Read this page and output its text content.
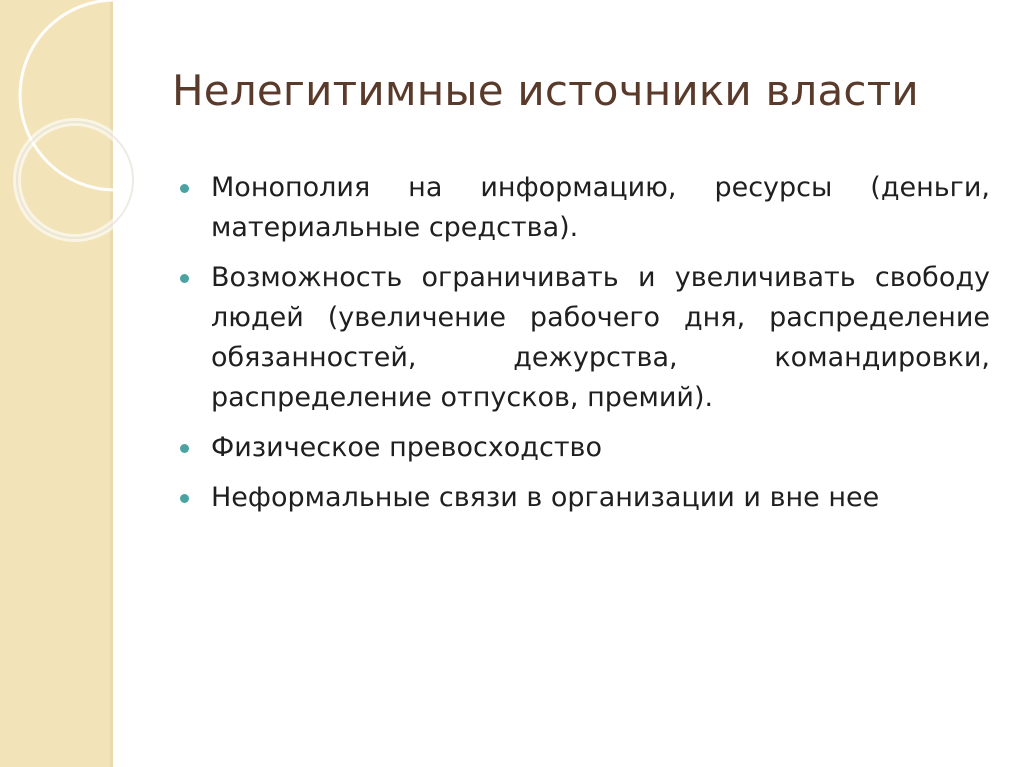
Нелегитимные источники власти
Монополия на информацию, ресурсы (деньги, материальные средства).
Возможность ограничивать и увеличивать свободу людей (увеличение рабочего дня, распределение обязанностей, дежурства, командировки, распределение отпусков, премий).
Физическое превосходство
Неформальные связи в организации и вне нее
